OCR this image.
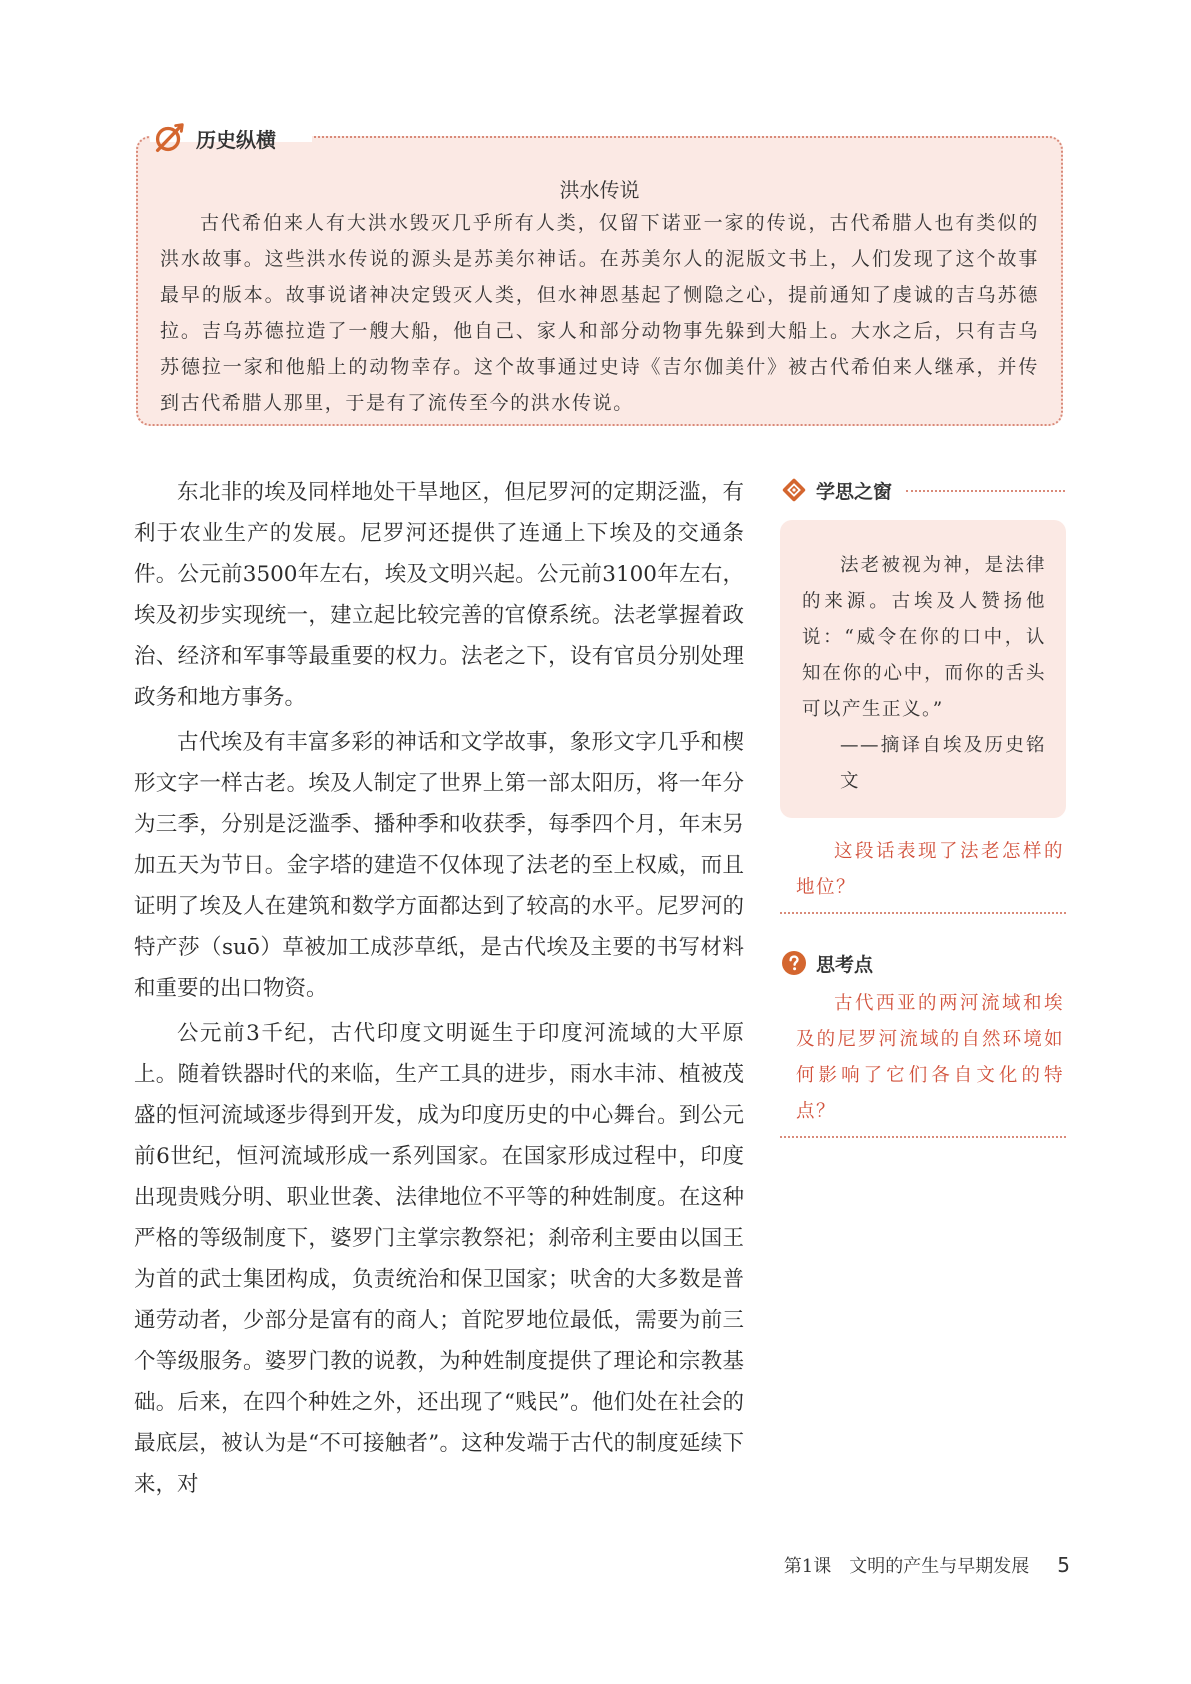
洪水传说
古代希伯来人有大洪水毁灭几乎所有人类，仅留下诺亚一家的传说，古代希腊人也有类似的洪水故事。这些洪水传说的源头是苏美尔神话。在苏美尔人的泥版文书上，人们发现了这个故事最早的版本。故事说诸神决定毁灭人类，但水神恩基起了恻隐之心，提前通知了虔诚的吉乌苏德拉。吉乌苏德拉造了一艘大船，他自己、家人和部分动物事先躲到大船上。大水之后，只有吉乌苏德拉一家和他船上的动物幸存。这个故事通过史诗《吉尔伽美什》被古代希伯来人继承，并传到古代希腊人那里，于是有了流传至今的洪水传说。
历史纵横

东北非的埃及同样地处干旱地区，但尼罗河的定期泛滥，有利于农业生产的发展。尼罗河还提供了连通上下埃及的交通条件。公元前3500年左右，埃及文明兴起。公元前3100年左右，埃及初步实现统一，建立起比较完善的官僚系统。法老掌握着政治、经济和军事等最重要的权力。法老之下，设有官员分别处理政务和地方事务。

古代埃及有丰富多彩的神话和文学故事，象形文字几乎和楔形文字一样古老。埃及人制定了世界上第一部太阳历，将一年分为三季，分别是泛滥季、播种季和收获季，每季四个月，年末另加五天为节日。金字塔的建造不仅体现了法老的至上权威，而且证明了埃及人在建筑和数学方面都达到了较高的水平。尼罗河的特产莎（suō）草被加工成莎草纸，是古代埃及主要的书写材料和重要的出口物资。

公元前3千纪，古代印度文明诞生于印度河流域的大平原上。随着铁器时代的来临，生产工具的进步，雨水丰沛、植被茂盛的恒河流域逐步得到开发，成为印度历史的中心舞台。到公元前6世纪，恒河流域形成一系列国家。在国家形成过程中，印度出现贵贱分明、职业世袭、法律地位不平等的种姓制度。在这种严格的等级制度下，婆罗门主掌宗教祭祀；刹帝利主要由以国王为首的武士集团构成，负责统治和保卫国家；吠舍的大多数是普通劳动者，少部分是富有的商人；首陀罗地位最低，需要为前三个等级服务。婆罗门教的说教，为种姓制度提供了理论和宗教基础。后来，在四个种姓之外，还出现了“贱民”。他们处在社会的最底层，被认为是“不可接触者”。这种发端于古代的制度延续下来，对

学思之窗

法老被视为神，是法律的来源。古埃及人赞扬他说：“威令在你的口中，认知在你的心中，而你的舌头可以产生正义。”

——摘译自埃及历史铭文

这段话表现了法老怎样的地位？
思考点
古代西亚的两河流域和埃及的尼罗河流域的自然环境如何影响了它们各自文化的特点？
第1课　文明的产生与早期发展 5
